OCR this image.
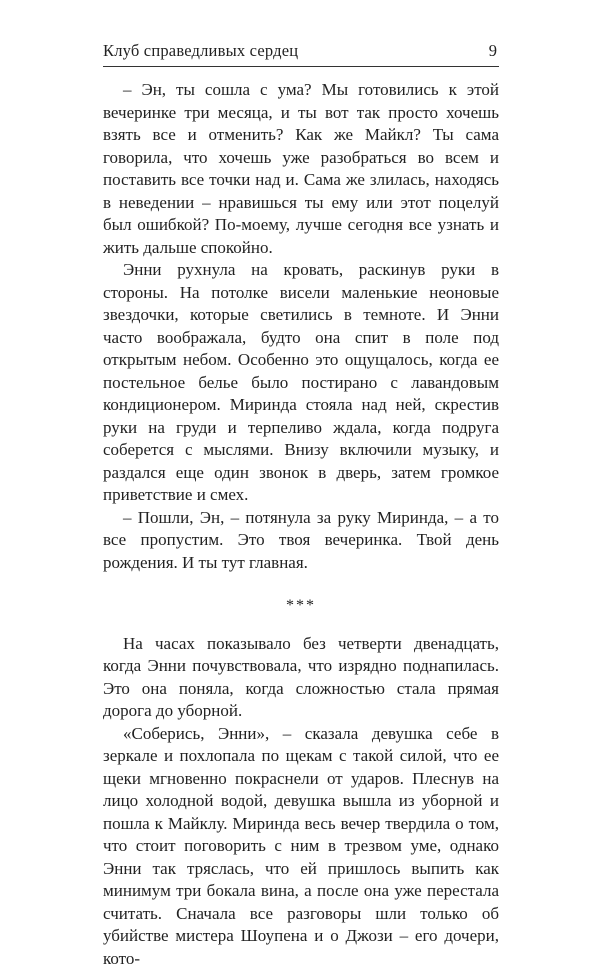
Клуб справедливых сердец	9

– Эн, ты сошла с ума? Мы готовились к этой вечеринке три месяца, и ты вот так просто хочешь взять все и отменить? Как же Майкл? Ты сама говорила, что хочешь уже разобраться во всем и поставить все точки над и. Сама же злилась, находясь в неведении – нравишься ты ему или этот поцелуй был ошибкой? По-моему, лучше сегодня все узнать и жить дальше спокойно.

Энни рухнула на кровать, раскинув руки в стороны. На потолке висели маленькие неоновые звездочки, которые светились в темноте. И Энни часто воображала, будто она спит в поле под открытым небом. Особенно это ощущалось, когда ее постельное белье было постирано с лавандовым кондиционером. Миринда стояла над ней, скрестив руки на груди и терпеливо ждала, когда подруга соберется с мыслями. Внизу включили музыку, и раздался еще один звонок в дверь, затем громкое приветствие и смех.

– Пошли, Эн, – потянула за руку Миринда, – а то все пропустим. Это твоя вечеринка. Твой день рождения. И ты тут главная.

***

На часах показывало без четверти двенадцать, когда Энни почувствовала, что изрядно поднапилась. Это она поняла, когда сложностью стала прямая дорога до уборной.

«Соберись, Энни», – сказала девушка себе в зеркале и похлопала по щекам с такой силой, что ее щеки мгновенно покраснели от ударов. Плеснув на лицо холодной водой, девушка вышла из уборной и пошла к Майклу. Миринда весь вечер твердила о том, что стоит поговорить с ним в трезвом уме, однако Энни так тряслась, что ей пришлось выпить как минимум три бокала вина, а после она уже перестала считать. Сначала все разговоры шли только об убийстве мистера Шоупена и о Джози – его дочери, кото-
